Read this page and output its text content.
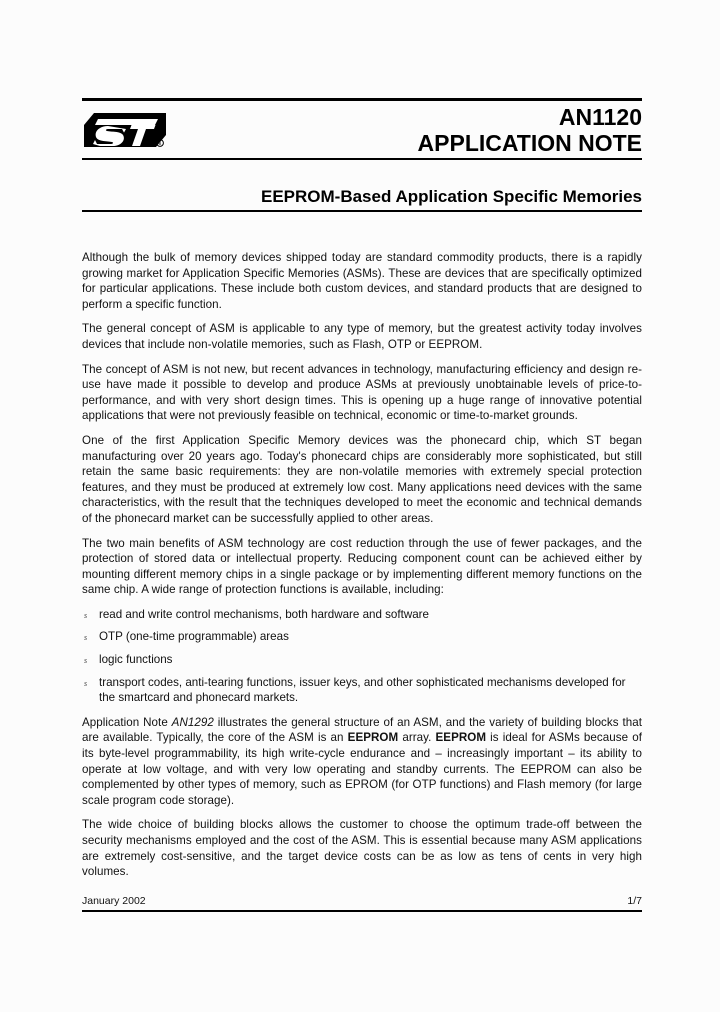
R
AN1120
APPLICATION NOTE
EEPROM-Based Application Specific Memories

Although the bulk of memory devices shipped today are standard commodity products, there is a rapidly growing market for Application Specific Memories (ASMs). These are devices that are specifically optimized for particular applications. These include both custom devices, and standard products that are designed to perform a specific function.

The general concept of ASM is applicable to any type of memory, but the greatest activity today involves devices that include non-volatile memories, such as Flash, OTP or EEPROM.

The concept of ASM is not new, but recent advances in technology, manufacturing efficiency and design re-use have made it possible to develop and produce ASMs at previously unobtainable levels of price-to-performance, and with very short design times. This is opening up a huge range of innovative potential applications that were not previously feasible on technical, economic or time-to-market grounds.

One of the first Application Specific Memory devices was the phonecard chip, which ST began manufacturing over 20 years ago. Today's phonecard chips are considerably more sophisticated, but still retain the same basic requirements: they are non-volatile memories with extremely special protection features, and they must be produced at extremely low cost. Many applications need devices with the same characteristics, with the result that the techniques developed to meet the economic and technical demands of the phonecard market can be successfully applied to other areas.

The two main benefits of ASM technology are cost reduction through the use of fewer packages, and the protection of stored data or intellectual property. Reducing component count can be achieved either by mounting different memory chips in a single package or by implementing different memory functions on the same chip. A wide range of protection functions is available, including:

s read and write control mechanisms, both hardware and software
s OTP (one-time programmable) areas
s logic functions
s transport codes, anti-tearing functions, issuer keys, and other sophisticated mechanisms developed for the smartcard and phonecard markets.

Application Note AN1292 illustrates the general structure of an ASM, and the variety of building blocks that are available. Typically, the core of the ASM is an EEPROM array. EEPROM is ideal for ASMs because of its byte-level programmability, its high write-cycle endurance and – increasingly important – its ability to operate at low voltage, and with very low operating and standby currents. The EEPROM can also be complemented by other types of memory, such as EPROM (for OTP functions) and Flash memory (for large scale program code storage).

The wide choice of building blocks allows the customer to choose the optimum trade-off between the security mechanisms employed and the cost of the ASM. This is essential because many ASM applications are extremely cost-sensitive, and the target device costs can be as low as tens of cents in very high volumes.

January 2002	1/7
